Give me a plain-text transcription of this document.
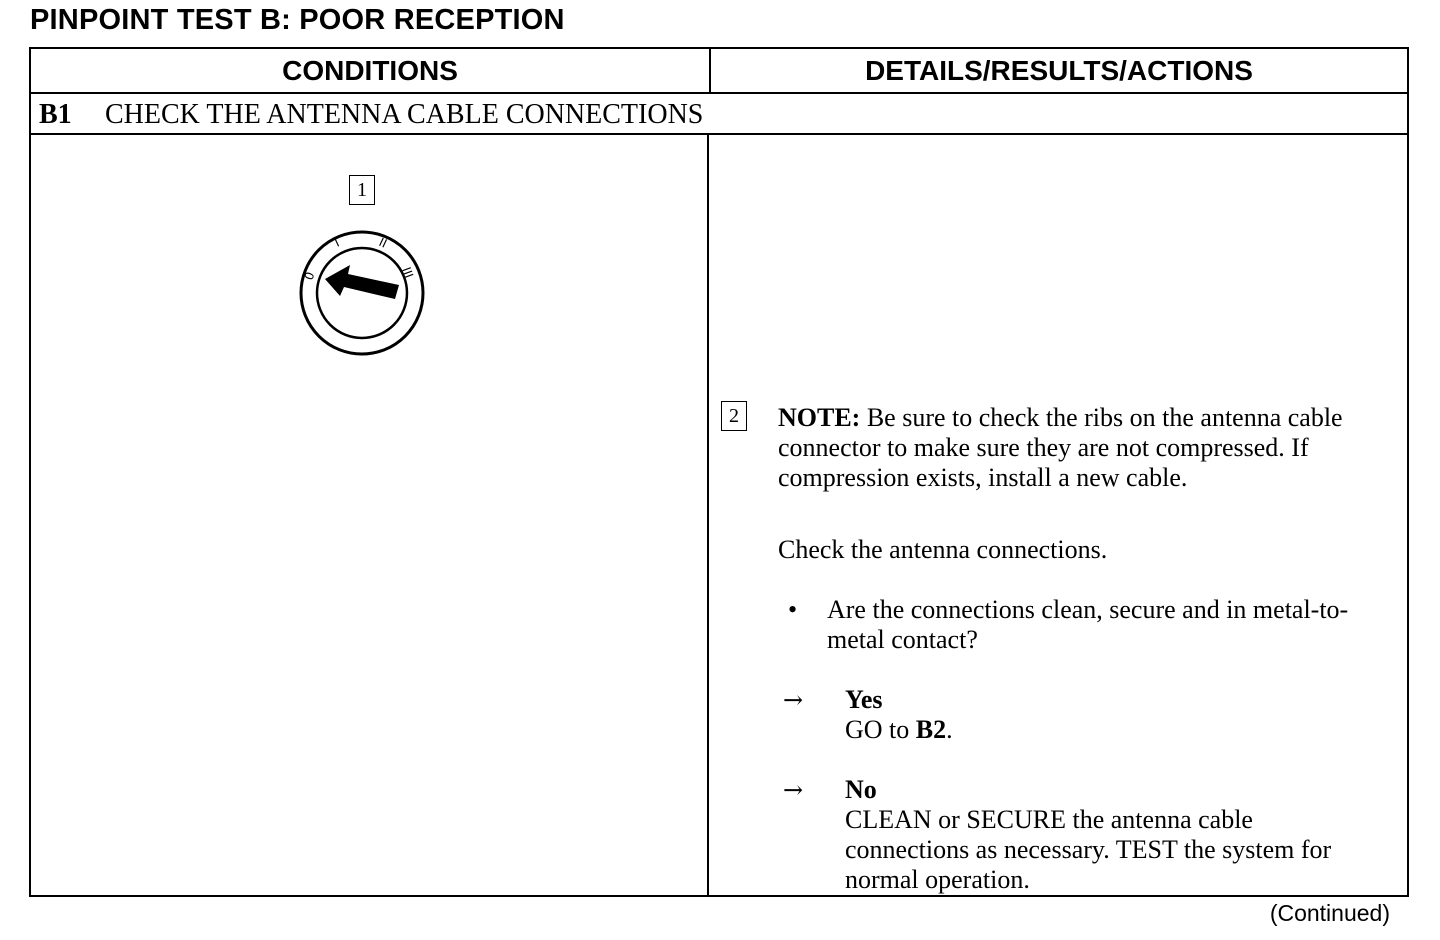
PINPOINT TEST B: POOR RECEPTION
CONDITIONS	DETAILS/RESULTS/ACTIONS
B1 CHECK THE ANTENNA CABLE CONNECTIONS
1
0
I	II
III
2	NOTE: Be sure to check the ribs on the antenna cable connector to make sure they are not compressed. If compression exists, install a new cable.
Check the antenna connections.
• Are the connections clean, secure and in metal-to-metal contact?
→ Yes
GO to B2.
→ No
CLEAN or SECURE the antenna cable connections as necessary. TEST the system for normal operation.
(Continued)
